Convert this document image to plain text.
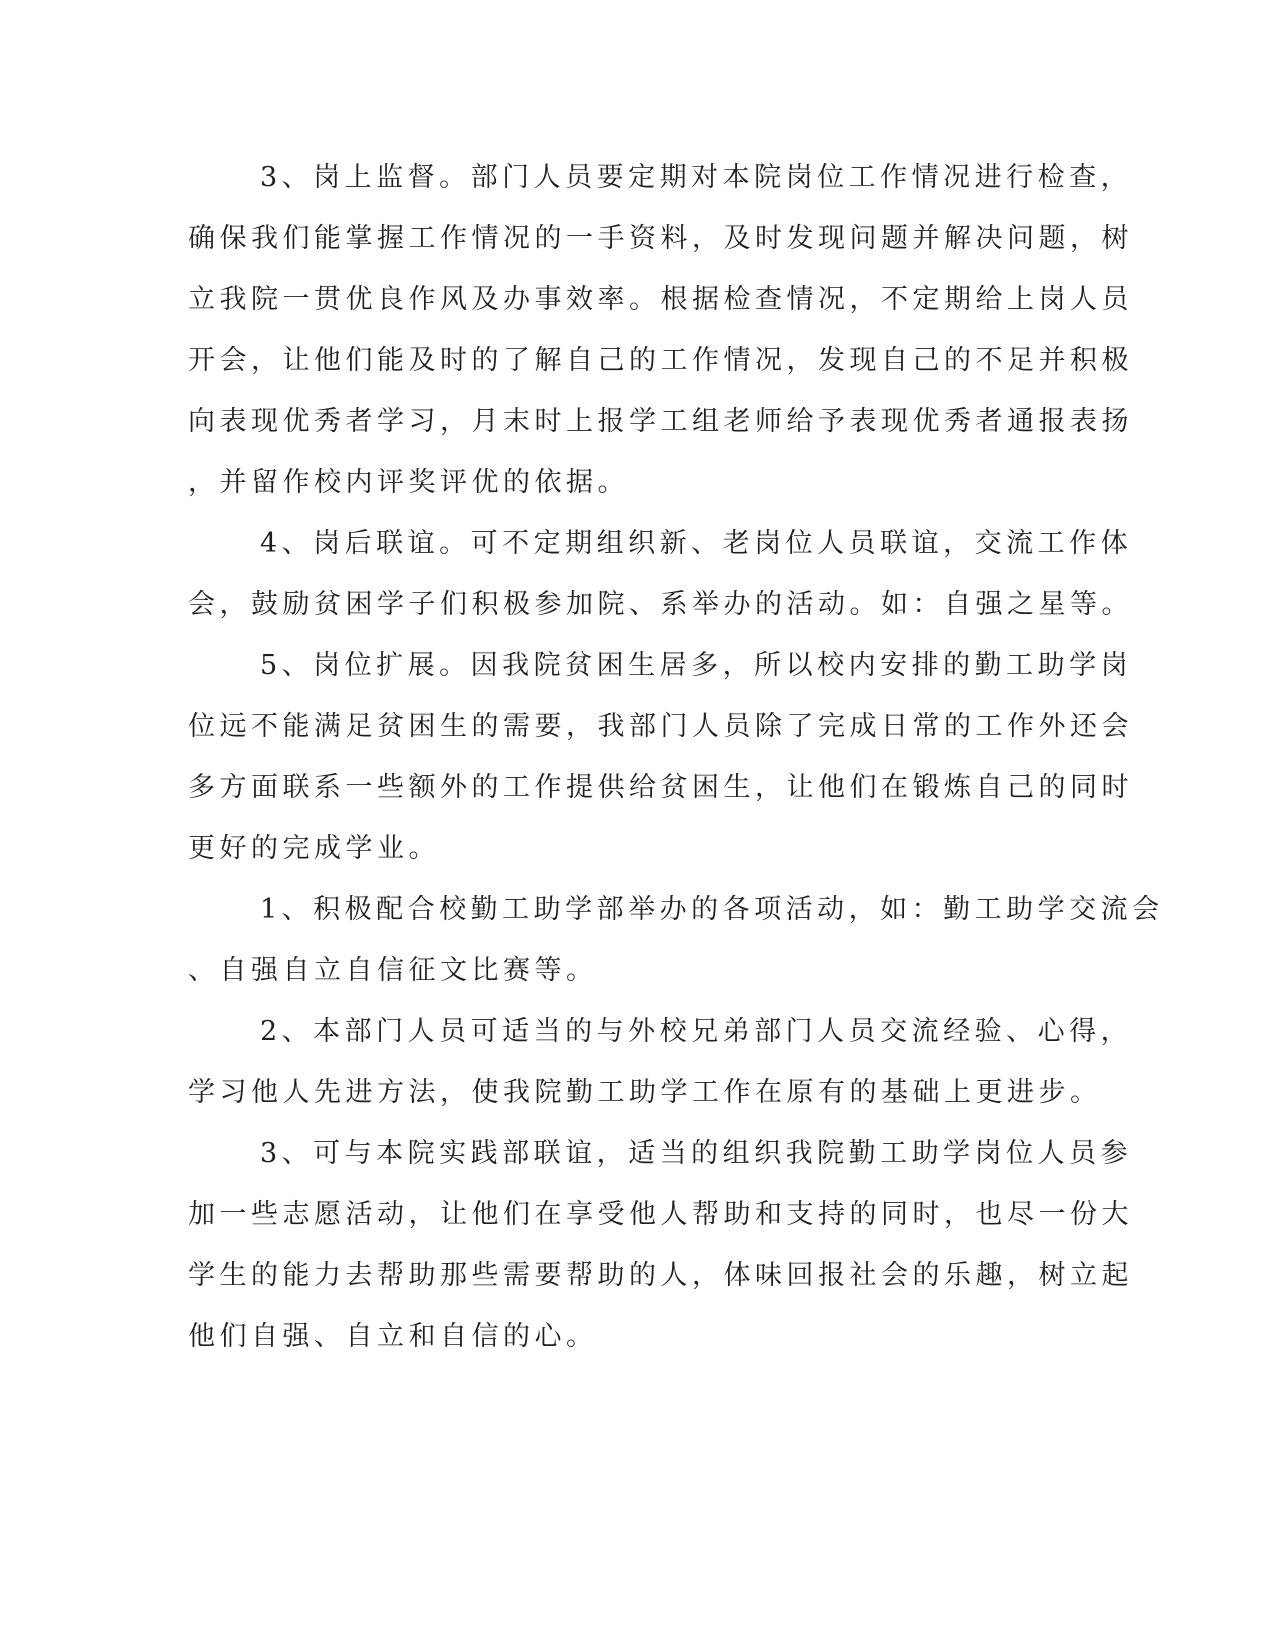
3、岗上监督。部门人员要定期对本院岗位工作情况进行检查，
确保我们能掌握工作情况的一手资料，及时发现问题并解决问题，树
立我院一贯优良作风及办事效率。根据检查情况，不定期给上岗人员
开会，让他们能及时的了解自己的工作情况，发现自己的不足并积极
向表现优秀者学习，月末时上报学工组老师给予表现优秀者通报表扬
，并留作校内评奖评优的依据。
4、岗后联谊。可不定期组织新、老岗位人员联谊，交流工作体
会，鼓励贫困学子们积极参加院、系举办的活动。如：自强之星等。
5、岗位扩展。因我院贫困生居多，所以校内安排的勤工助学岗
位远不能满足贫困生的需要，我部门人员除了完成日常的工作外还会
多方面联系一些额外的工作提供给贫困生，让他们在锻炼自己的同时
更好的完成学业。
1、积极配合校勤工助学部举办的各项活动，如：勤工助学交流会
、自强自立自信征文比赛等。
2、本部门人员可适当的与外校兄弟部门人员交流经验、心得，
学习他人先进方法，使我院勤工助学工作在原有的基础上更进步。
3、可与本院实践部联谊，适当的组织我院勤工助学岗位人员参
加一些志愿活动，让他们在享受他人帮助和支持的同时，也尽一份大
学生的能力去帮助那些需要帮助的人，体味回报社会的乐趣，树立起
他们自强、自立和自信的心。
